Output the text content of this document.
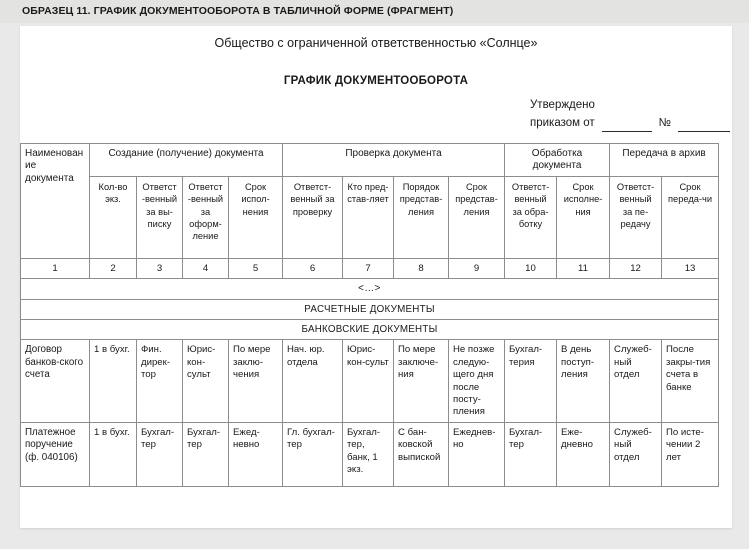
ОБРАЗЕЦ 11. ГРАФИК ДОКУМЕНТООБОРОТА В ТАБЛИЧНОЙ ФОРМЕ (ФРАГМЕНТ)
Общество с ограниченной ответственностью «Солнце»
ГРАФИК ДОКУМЕНТООБОРОТА
Утверждено
приказом от	№
Наименование документа	Создание (получение) документа				Проверка документа				Обработка документа		Передача в архив	
	Кол-во экз.	Ответст-венный за вы-писку	Ответст-венный за оформ-ление	Срок испол-нения	Ответст-венный за проверку	Кто пред-став-ляет	Порядок представ-ления	Срок представ-ления	Ответст-венный за обра-ботку	Срок исполне-ния	Ответст-венный за пе-редачу	Срок переда-чи
1	2	3	4	5	6	7	8	9	10	11	12	13
<…>												
РАСЧЕТНЫЕ ДОКУМЕНТЫ												
БАНКОВСКИЕ ДОКУМЕНТЫ												
Договор банков-ского счета	1 в бухг.	Фин. дирек-тор	Юрис-кон-сульт	По мере заклю-чения	Нач. юр. отдела	Юрис-кон-сульт	По мере заключе-ния	Не позже следую-щего дня после посту-пления	Бухгал-терия	В день поступ-ления	Служеб-ный отдел	После закры-тия счета в банке
Платежное поручение (ф. 040106)	1 в бухг.	Бухгал-тер	Бухгал-тер	Ежед-невно	Гл. бухгал-тер	Бухгал-тер, банк, 1 экз.	С бан-ковской выпиской	Ежеднев-но	Бухгал-тер	Еже-дневно	Служеб-ный отдел	По исте-чении 2 лет
